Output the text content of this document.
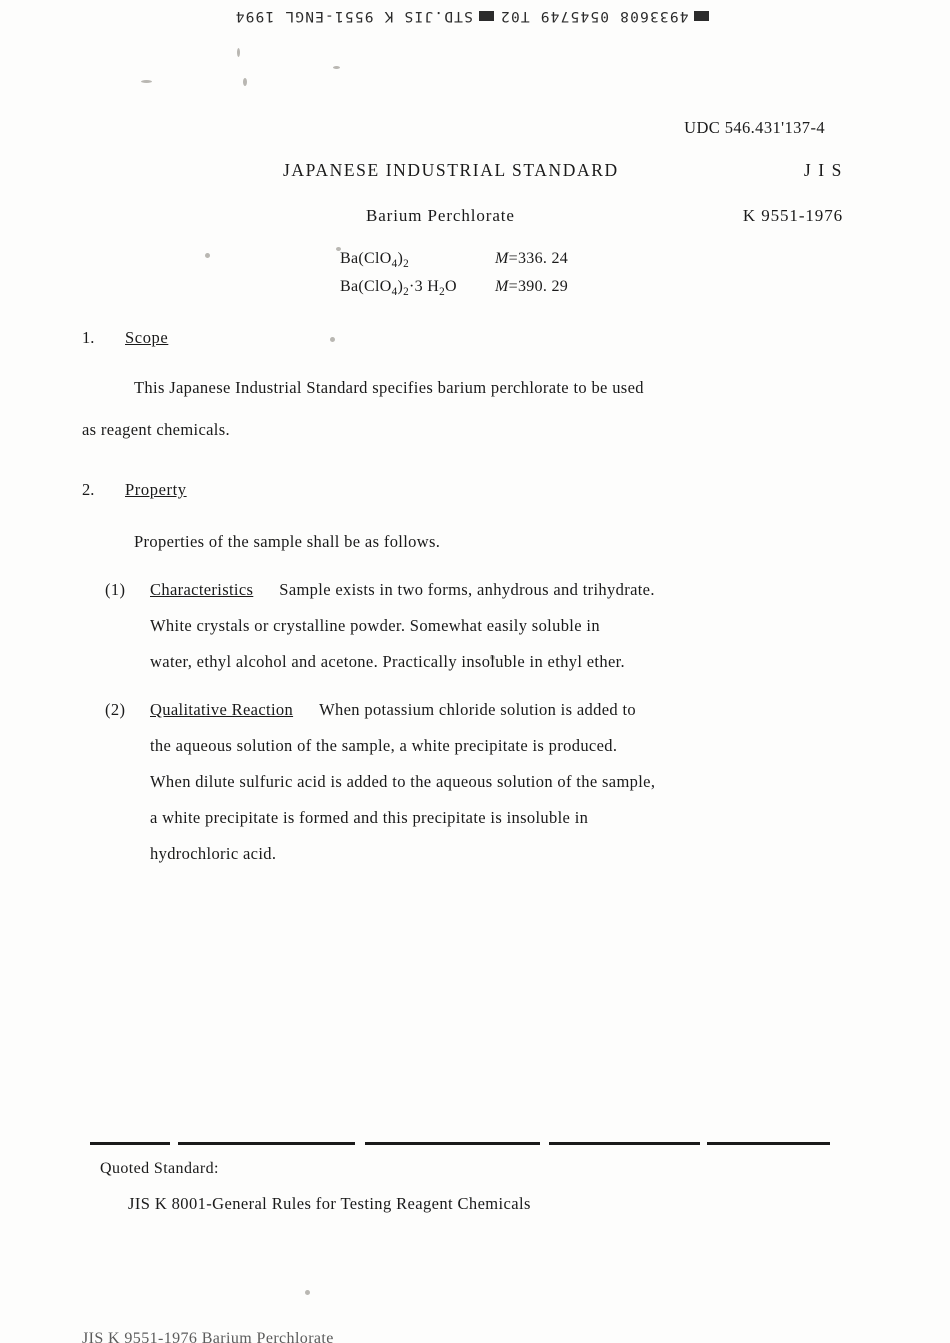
4933608 0545749 T02STD.JIS K 9551-ENGL 1994
UDC 546.431'137-4
JAPANESE INDUSTRIAL STANDARD	J I S
Barium Perchlorate	K 9551-1976
$Ba(ClO_4)_2$	M=336. 24
$Ba(ClO_4)_2\cdot 3$ $H_2O$	M=390. 29
1.	Scope
This Japanese Industrial Standard specifies barium perchlorate to be used
as reagent chemicals.
2.	Property
Properties of the sample shall be as follows.
(1) Characteristics Sample exists in two forms, anhydrous and trihydrate.
White crystals or crystalline powder. Somewhat easily soluble in
water, ethyl alcohol and acetone. Practically insoluble in ethyl ether.
(2) Qualitative Reaction When potassium chloride solution is added to
the aqueous solution of the sample, a white precipitate is produced.
When dilute sulfuric acid is added to the aqueous solution of the sample,
a white precipitate is formed and this precipitate is insoluble in
hydrochloric acid.
Quoted Standard:
JIS K 8001-General Rules for Testing Reagent Chemicals
JIS K 9551-1976 Barium Perchlorate
